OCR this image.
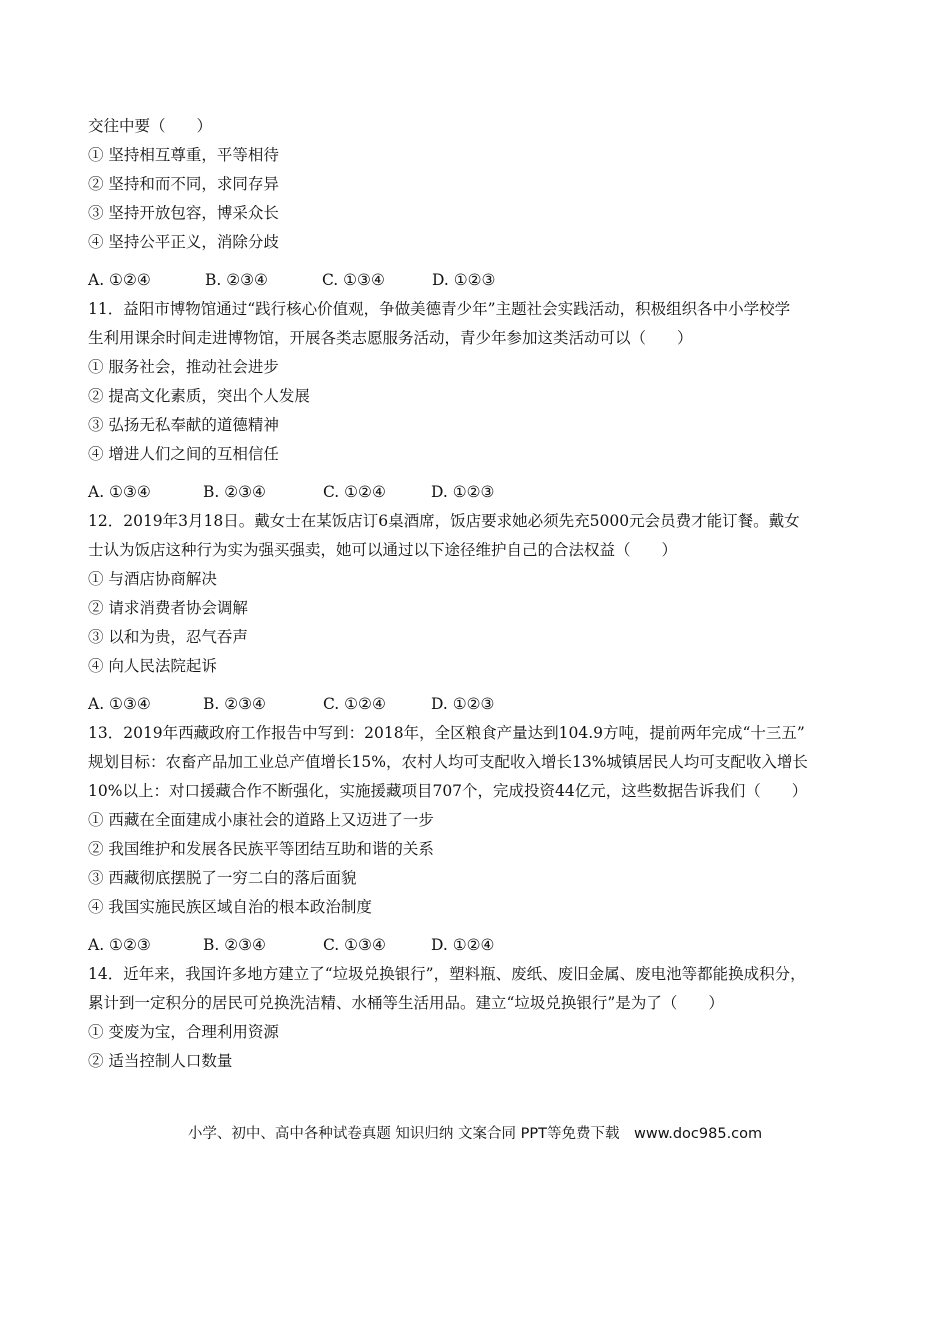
交往中要（　　）
① 坚持相互尊重，平等相待
② 坚持和而不同，求同存异
③ 坚持开放包容，博采众长
④ 坚持公平正义，消除分歧
A. ①②④	B. ②③④	C. ①③④	D. ①②③
11．益阳市博物馆通过“践行核心价值观，争做美德青少年”主题社会实践活动，积极组织各中小学校学
生利用课余时间走进博物馆，开展各类志愿服务活动，青少年参加这类活动可以（　　）
① 服务社会，推动社会进步
② 提高文化素质，突出个人发展
③ 弘扬无私奉献的道德精神
④ 增进人们之间的互相信任
A. ①③④	B. ②③④	C. ①②④	D. ①②③
12．2019年3月18日。戴女士在某饭店订6桌酒席，饭店要求她必须先充5000元会员费才能订餐。戴女
士认为饭店这种行为实为强买强卖，她可以通过以下途径维护自己的合法权益（　　）
① 与酒店协商解决
② 请求消费者协会调解
③ 以和为贵，忍气吞声
④ 向人民法院起诉
A. ①③④	B. ②③④	C. ①②④	D. ①②③
13．2019年西藏政府工作报告中写到：2018年，全区粮食产量达到104.9方吨，提前两年完成“十三五”
规划目标：农畜产品加工业总产值增长15%，农村人均可支配收入增长13%城镇居民人均可支配收入增长
10%以上：对口援藏合作不断强化，实施援藏项目707个，完成投资44亿元，这些数据告诉我们（　　）
① 西藏在全面建成小康社会的道路上又迈进了一步
② 我国维护和发展各民族平等团结互助和谐的关系
③ 西藏彻底摆脱了一穷二白的落后面貌
④ 我国实施民族区域自治的根本政治制度
A. ①②③	B. ②③④	C. ①③④	D. ①②④
14．近年来，我国许多地方建立了“垃圾兑换银行”，塑料瓶、废纸、废旧金属、废电池等都能换成积分，
累计到一定积分的居民可兑换洗洁精、水桶等生活用品。建立“垃圾兑换银行”是为了（　　）
① 变废为宝，合理利用资源
② 适当控制人口数量
小学、初中、高中各种试卷真题 知识归纳 文案合同 PPT等免费下载　www.doc985.com
